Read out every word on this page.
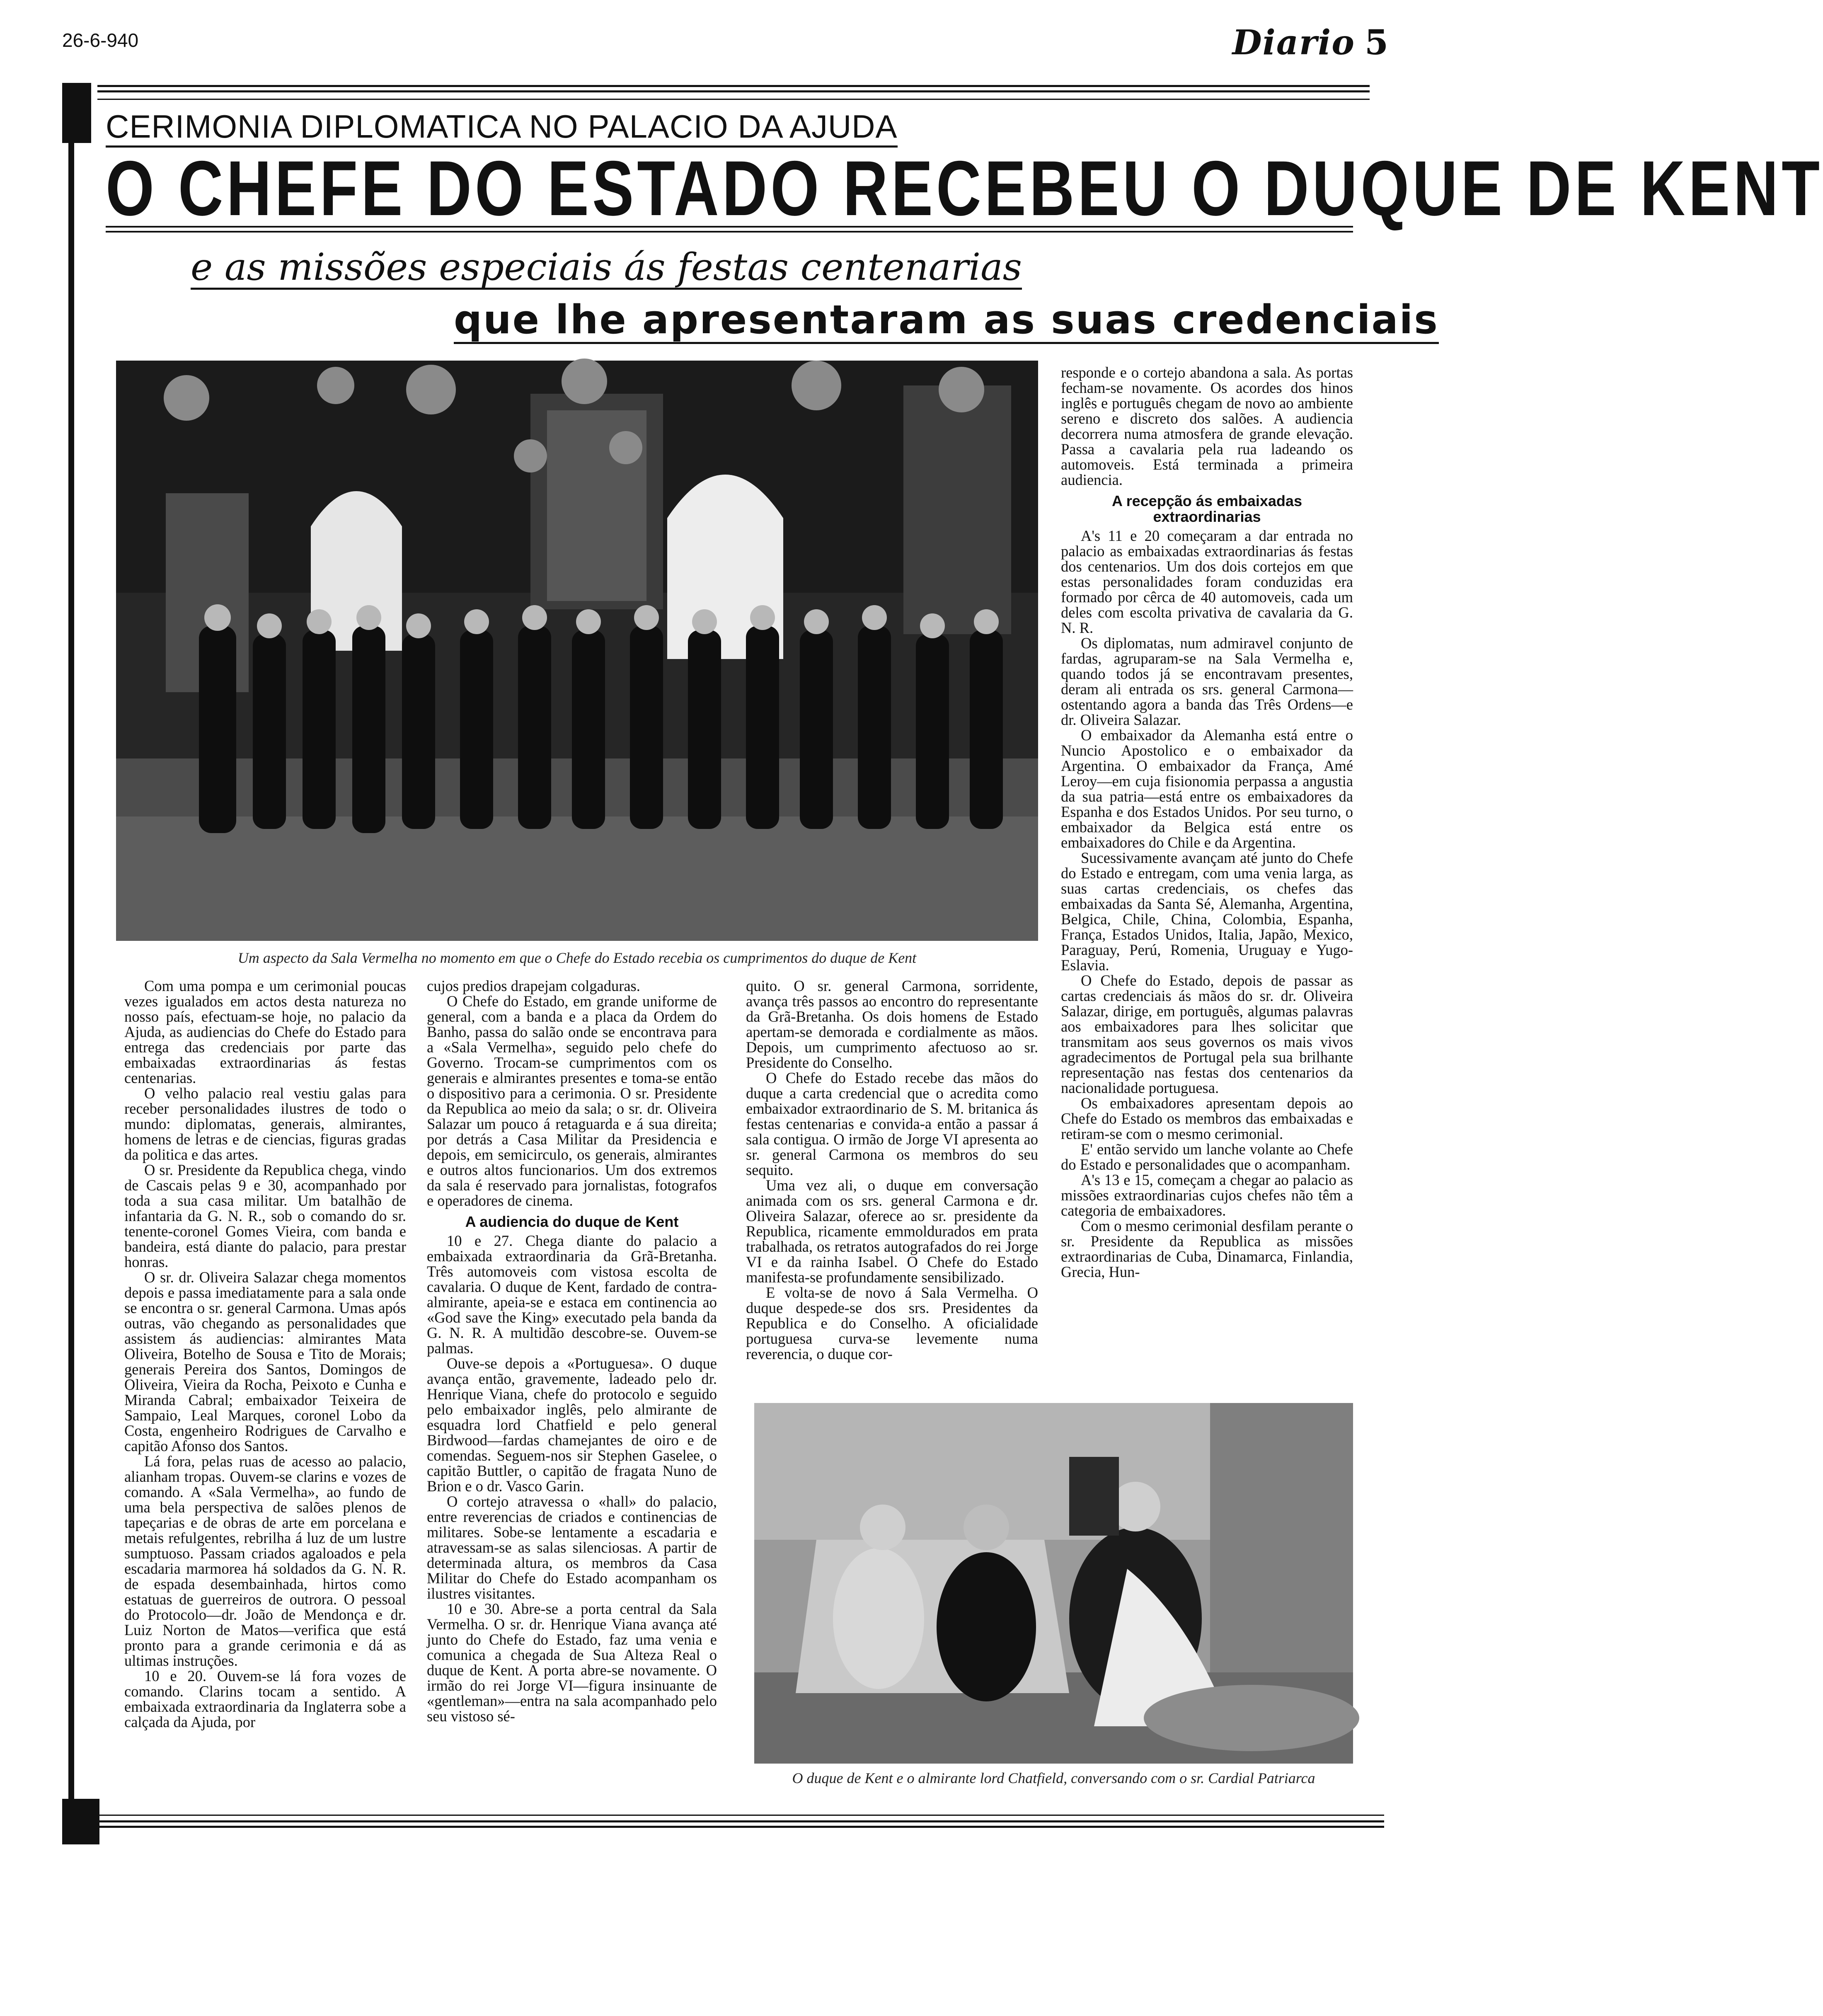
26-6-940	Diario 5
CERIMONIA DIPLOMATICA NO PALACIO DA AJUDA
O CHEFE DO ESTADO RECEBEU O DUQUE DE KENT
e as missões especiais ás festas centenarias
que lhe apresentaram as suas credenciais
Um aspecto da Sala Vermelha no momento em que o Chefe do Estado recebia os cumprimentos do duque de Kent

Com uma pompa e um cerimonial poucas vezes igualados em actos desta natureza no nosso país, efectuam-se hoje, no palacio da Ajuda, as audiencias do Chefe do Estado para entrega das credenciais por parte das embaixadas extraordinarias ás festas centenarias.

O velho palacio real vestiu galas para receber personalidades ilustres de todo o mundo: diplomatas, generais, almirantes, homens de letras e de ciencias, figuras gradas da politica e das artes.

O sr. Presidente da Republica chega, vindo de Cascais pelas 9 e 30, acompanhado por toda a sua casa militar. Um batalhão de infantaria da G. N. R., sob o comando do sr. tenente-coronel Gomes Vieira, com banda e bandeira, está diante do palacio, para prestar honras.

O sr. dr. Oliveira Salazar chega momentos depois e passa imediatamente para a sala onde se encontra o sr. general Carmona. Umas após outras, vão chegando as personalidades que assistem ás audiencias: almirantes Mata Oliveira, Botelho de Sousa e Tito de Morais; generais Pereira dos Santos, Domingos de Oliveira, Vieira da Rocha, Peixoto e Cunha e Miranda Cabral; embaixador Teixeira de Sampaio, Leal Marques, coronel Lobo da Costa, engenheiro Rodrigues de Carvalho e capitão Afonso dos Santos.

Lá fora, pelas ruas de acesso ao palacio, alianham tropas. Ouvem-se clarins e vozes de comando. A «Sala Vermelha», ao fundo de uma bela perspectiva de salões plenos de tapeçarias e de obras de arte em porcelana e metais refulgentes, rebrilha á luz de um lustre sumptuoso. Passam criados agaloados e pela escadaria marmorea há soldados da G. N. R. de espada desembainhada, hirtos como estatuas de guerreiros de outrora. O pessoal do Protocolo—dr. João de Mendonça e dr. Luiz Norton de Matos—verifica que está pronto para a grande cerimonia e dá as ultimas instruções.

10 e 20. Ouvem-se lá fora vozes de comando. Clarins tocam a sentido. A embaixada extraordinaria da Inglaterra sobe a calçada da Ajuda, por

cujos predios drapejam colgaduras.

O Chefe do Estado, em grande uniforme de general, com a banda e a placa da Ordem do Banho, passa do salão onde se encontrava para a «Sala Vermelha», seguido pelo chefe do Governo. Trocam-se cumprimentos com os generais e almirantes presentes e toma-se então o dispositivo para a cerimonia. O sr. Presidente da Republica ao meio da sala; o sr. dr. Oliveira Salazar um pouco á retaguarda e á sua direita; por detrás a Casa Militar da Presidencia e depois, em semicirculo, os generais, almirantes e outros altos funcionarios. Um dos extremos da sala é reservado para jornalistas, fotografos e operadores de cinema.

A audiencia do duque de Kent

10 e 27. Chega diante do palacio a embaixada extraordinaria da Grã-Bretanha. Três automoveis com vistosa escolta de cavalaria. O duque de Kent, fardado de contra-almirante, apeia-se e estaca em continencia ao «God save the King» executado pela banda da G. N. R. A multidão descobre-se. Ouvem-se palmas.

Ouve-se depois a «Portuguesa». O duque avança então, gravemente, ladeado pelo dr. Henrique Viana, chefe do protocolo e seguido pelo embaixador inglês, pelo almirante de esquadra lord Chatfield e pelo general Birdwood—fardas chamejantes de oiro e de comendas. Seguem-nos sir Stephen Gaselee, o capitão Buttler, o capitão de fragata Nuno de Brion e o dr. Vasco Garin.

O cortejo atravessa o «hall» do palacio, entre reverencias de criados e continencias de militares. Sobe-se lentamente a escadaria e atravessam-se as salas silenciosas. A partir de determinada altura, os membros da Casa Militar do Chefe do Estado acompanham os ilustres visitantes.

10 e 30. Abre-se a porta central da Sala Vermelha. O sr. dr. Henrique Viana avança até junto do Chefe do Estado, faz uma venia e comunica a chegada de Sua Alteza Real o duque de Kent. A porta abre-se novamente. O irmão do rei Jorge VI—figura insinuante de «gentleman»—entra na sala acompanhado pelo seu vistoso sé-

quito. O sr. general Carmona, sorridente, avança três passos ao encontro do representante da Grã-Bretanha. Os dois homens de Estado apertam-se demorada e cordialmente as mãos. Depois, um cumprimento afectuoso ao sr. Presidente do Conselho.

O Chefe do Estado recebe das mãos do duque a carta credencial que o acredita como embaixador extraordinario de S. M. britanica ás festas centenarias e convida-a então a passar á sala contigua. O irmão de Jorge VI apresenta ao sr. general Carmona os membros do seu sequito.

Uma vez ali, o duque em conversação animada com os srs. general Carmona e dr. Oliveira Salazar, oferece ao sr. presidente da Republica, ricamente emmoldurados em prata trabalhada, os retratos autografados do rei Jorge VI e da rainha Isabel. O Chefe do Estado manifesta-se profundamente sensibilizado.

E volta-se de novo á Sala Vermelha. O duque despede-se dos srs. Presidentes da Republica e do Conselho. A oficialidade portuguesa curva-se levemente numa reverencia, o duque cor-

responde e o cortejo abandona a sala. As portas fecham-se novamente. Os acordes dos hinos inglês e português chegam de novo ao ambiente sereno e discreto dos salões. A audiencia decorrera numa atmosfera de grande elevação. Passa a cavalaria pela rua ladeando os automoveis. Está terminada a primeira audiencia.

A recepção ás embaixadas extraordinarias

A's 11 e 20 começaram a dar entrada no palacio as embaixadas extraordinarias ás festas dos centenarios. Um dos dois cortejos em que estas personalidades foram conduzidas era formado por cêrca de 40 automoveis, cada um deles com escolta privativa de cavalaria da G. N. R.

Os diplomatas, num admiravel conjunto de fardas, agruparam-se na Sala Vermelha e, quando todos já se encontravam presentes, deram ali entrada os srs. general Carmona—ostentando agora a banda das Três Ordens—e dr. Oliveira Salazar.

O embaixador da Alemanha está entre o Nuncio Apostolico e o embaixador da Argentina. O embaixador da França, Amé Leroy—em cuja fisionomia perpassa a angustia da sua patria—está entre os embaixadores da Espanha e dos Estados Unidos. Por seu turno, o embaixador da Belgica está entre os embaixadores do Chile e da Argentina.

Sucessivamente avançam até junto do Chefe do Estado e entregam, com uma venia larga, as suas cartas credenciais, os chefes das embaixadas da Santa Sé, Alemanha, Argentina, Belgica, Chile, China, Colombia, Espanha, França, Estados Unidos, Italia, Japão, Mexico, Paraguay, Perú, Romenia, Uruguay e Yugo-Eslavia.

O Chefe do Estado, depois de passar as cartas credenciais ás mãos do sr. dr. Oliveira Salazar, dirige, em português, algumas palavras aos embaixadores para lhes solicitar que transmitam aos seus governos os mais vivos agradecimentos de Portugal pela sua brilhante representação nas festas dos centenarios da nacionalidade portuguesa.

Os embaixadores apresentam depois ao Chefe do Estado os membros das embaixadas e retiram-se com o mesmo cerimonial.

E' então servido um lanche volante ao Chefe do Estado e personalidades que o acompanham.

A's 13 e 15, começam a chegar ao palacio as missões extraordinarias cujos chefes não têm a categoria de embaixadores.

Com o mesmo cerimonial desfilam perante o sr. Presidente da Republica as missões extraordinarias de Cuba, Dinamarca, Finlandia, Grecia, Hun-

O duque de Kent e o almirante lord Chatfield, conversando com o sr. Cardial Patriarca
